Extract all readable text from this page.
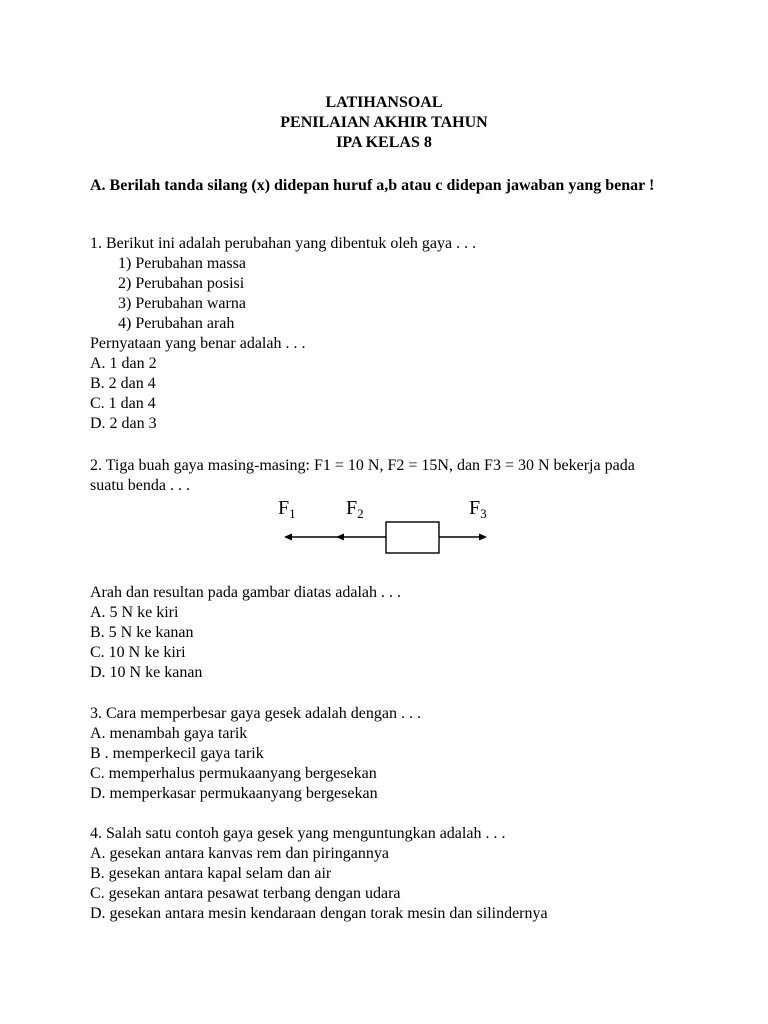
LATIHANSOAL
PENILAIAN AKHIR TAHUN
IPA KELAS 8
A. Berilah tanda silang (x) didepan huruf a,b atau c didepan jawaban yang benar !
1. Berikut ini adalah perubahan yang dibentuk oleh gaya . . .
1) Perubahan massa
2) Perubahan posisi
3) Perubahan warna
4) Perubahan arah
Pernyataan yang benar adalah . . .
A. 1 dan 2
B. 2 dan 4
C. 1 dan 4
D. 2 dan 3
2. Tiga buah gaya masing-masing: F1 = 10 N, F2 = 15N, dan F3 = 30 N bekerja pada
suatu benda . . .
$F_1$	$F_2$	$F_3$
Arah dan resultan pada gambar diatas adalah . . .
A. 5 N ke kiri
B. 5 N ke kanan
C. 10 N ke kiri
D. 10 N ke kanan
3. Cara memperbesar gaya gesek adalah dengan . . .
A. menambah gaya tarik
B . memperkecil gaya tarik
C. memperhalus permukaanyang bergesekan
D. memperkasar permukaanyang bergesekan
4. Salah satu contoh gaya gesek yang menguntungkan adalah . . .
A. gesekan antara kanvas rem dan piringannya
B. gesekan antara kapal selam dan air
C. gesekan antara pesawat terbang dengan udara
D. gesekan antara mesin kendaraan dengan torak mesin dan silindernya
